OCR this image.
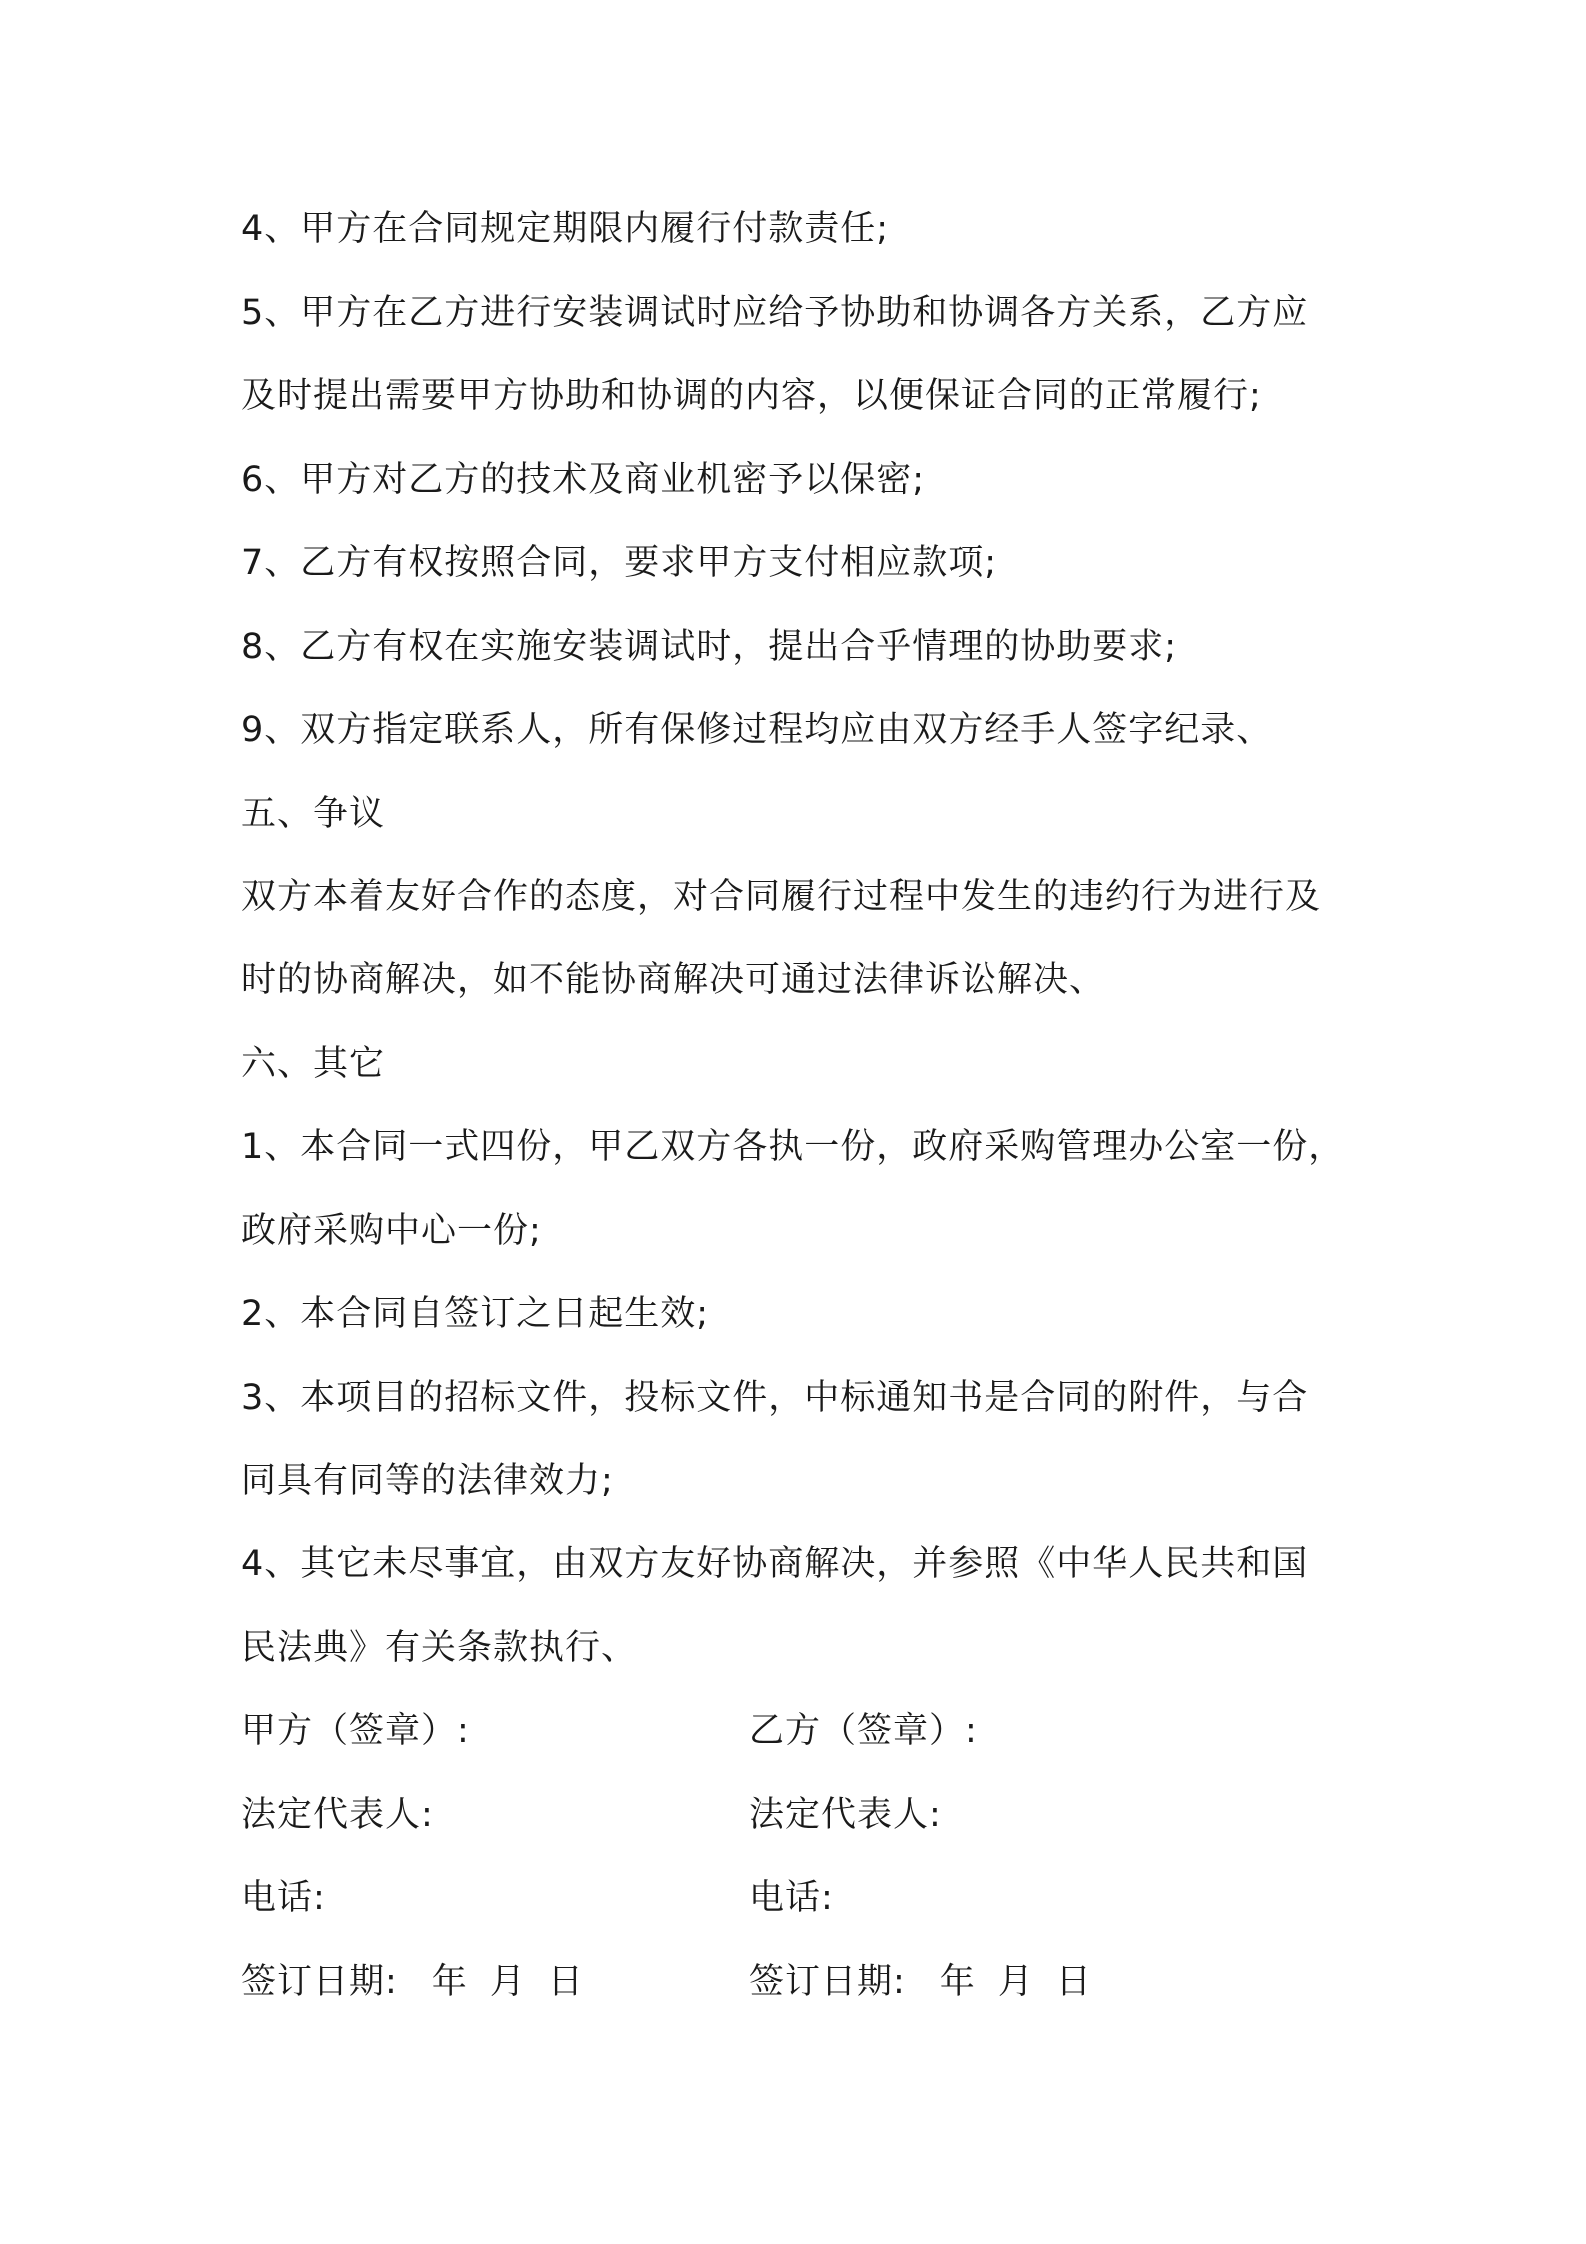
4、甲方在合同规定期限内履行付款责任;
5、甲方在乙方进行安装调试时应给予协助和协调各方关系，乙方应
及时提出需要甲方协助和协调的内容，以便保证合同的正常履行;
6、甲方对乙方的技术及商业机密予以保密;
7、乙方有权按照合同，要求甲方支付相应款项;
8、乙方有权在实施安装调试时，提出合乎情理的协助要求;
9、双方指定联系人，所有保修过程均应由双方经手人签字纪录、
五、争议
双方本着友好合作的态度，对合同履行过程中发生的违约行为进行及
时的协商解决，如不能协商解决可通过法律诉讼解决、
六、其它
1、本合同一式四份，甲乙双方各执一份，政府采购管理办公室一份，
政府采购中心一份;
2、本合同自签订之日起生效;
3、本项目的招标文件，投标文件，中标通知书是合同的附件，与合
同具有同等的法律效力;
4、其它未尽事宜，由双方友好协商解决，并参照《中华人民共和国
民法典》有关条款执行、
甲方（签章）:
法定代表人:
电话:
签订日期: 年 月 日
乙方（签章）:
法定代表人:
电话:
签订日期: 年 月 日
